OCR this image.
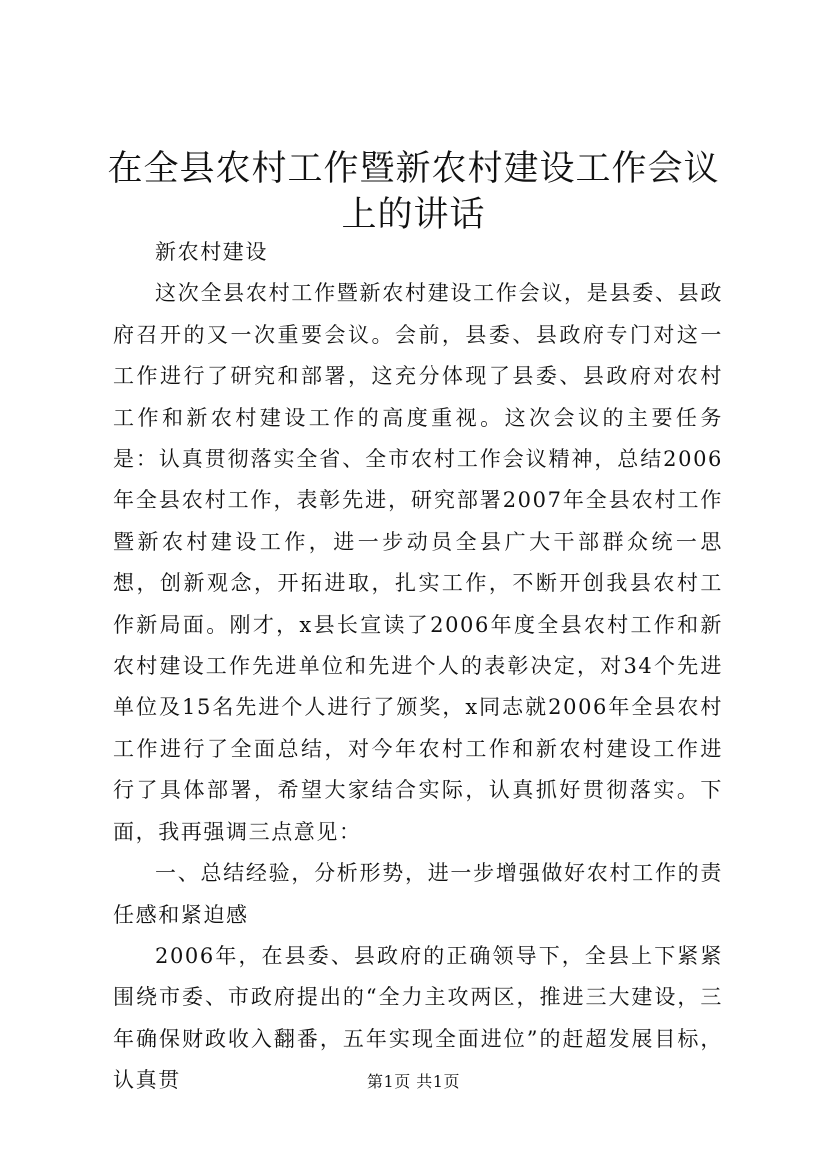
在全县农村工作暨新农村建设工作会议上的讲话

新农村建设

这次全县农村工作暨新农村建设工作会议，是县委、县政府召开的又一次重要会议。会前，县委、县政府专门对这一工作进行了研究和部署，这充分体现了县委、县政府对农村工作和新农村建设工作的高度重视。这次会议的主要任务是：认真贯彻落实全省、全市农村工作会议精神，总结2006年全县农村工作，表彰先进，研究部署2007年全县农村工作暨新农村建设工作，进一步动员全县广大干部群众统一思想，创新观念，开拓进取，扎实工作，不断开创我县农村工作新局面。刚才，x县长宣读了2006年度全县农村工作和新农村建设工作先进单位和先进个人的表彰决定，对34个先进单位及15名先进个人进行了颁奖，x同志就2006年全县农村工作进行了全面总结，对今年农村工作和新农村建设工作进行了具体部署，希望大家结合实际，认真抓好贯彻落实。下面，我再强调三点意见：

一、总结经验，分析形势，进一步增强做好农村工作的责任感和紧迫感

2006年，在县委、县政府的正确领导下，全县上下紧紧围绕市委、市政府提出的“全力主攻两区，推进三大建设，三年确保财政收入翻番，五年实现全面进位”的赶超发展目标，认真贯	第1页 共1页
